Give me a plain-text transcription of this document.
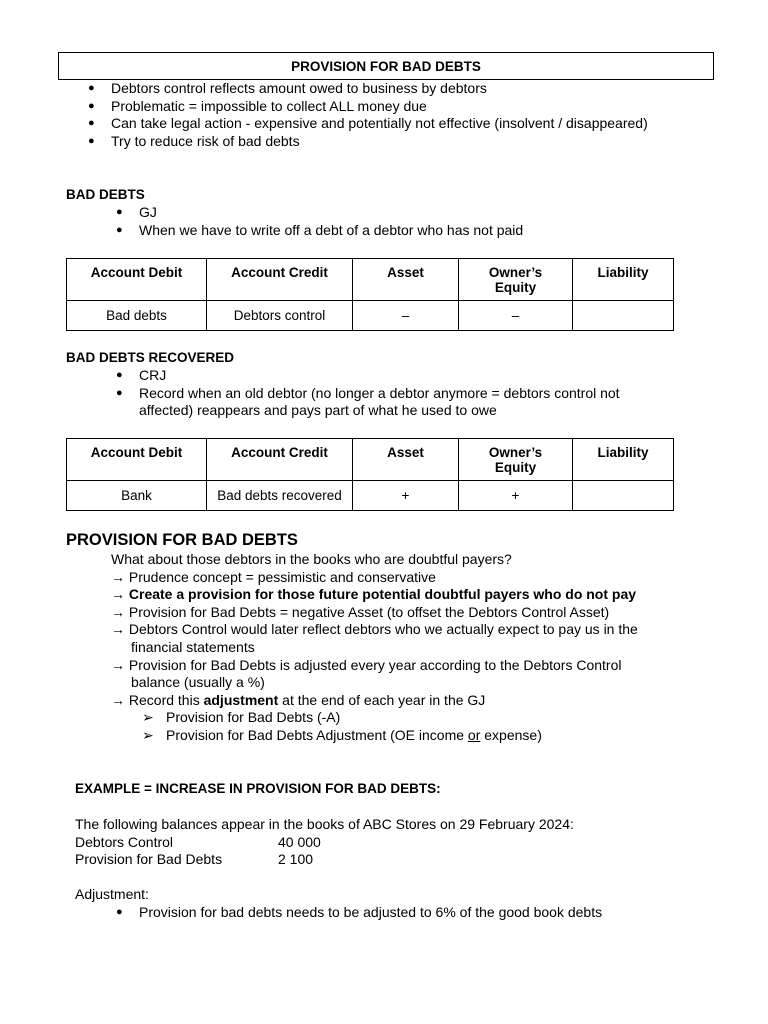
PROVISION FOR BAD DEBTS
● Debtors control reflects amount owed to business by debtors
● Problematic = impossible to collect ALL money due
● Can take legal action - expensive and potentially not effective (insolvent / disappeared)
● Try to reduce risk of bad debts
BAD DEBTS
● GJ
● When we have to write off a debt of a debtor who has not paid
Account Debit	Account Credit	Asset	Owner’s Equity	Liability
Bad debts	Debtors control	–	–	
BAD DEBTS RECOVERED
● CRJ
● Record when an old debtor (no longer a debtor anymore = debtors control not affected) reappears and pays part of what he used to owe
Account Debit	Account Credit	Asset	Owner’s Equity	Liability
Bank	Bad debts recovered	+	+	
PROVISION FOR BAD DEBTS
What about those debtors in the books who are doubtful payers?
→ Prudence concept = pessimistic and conservative
→ Create a provision for those future potential doubtful payers who do not pay
→ Provision for Bad Debts = negative Asset (to offset the Debtors Control Asset)
→ Debtors Control would later reflect debtors who we actually expect to pay us in the
financial statements
→ Provision for Bad Debts is adjusted every year according to the Debtors Control
balance (usually a %)
→ Record this adjustment at the end of each year in the GJ
➢ Provision for Bad Debts (-A)
➢ Provision for Bad Debts Adjustment (OE income or expense)
EXAMPLE = INCREASE IN PROVISION FOR BAD DEBTS:
The following balances appear in the books of ABC Stores on 29 February 2024:
Debtors Control	40 000
Provision for Bad Debts	2 100
Adjustment:
● Provision for bad debts needs to be adjusted to 6% of the good book debts
